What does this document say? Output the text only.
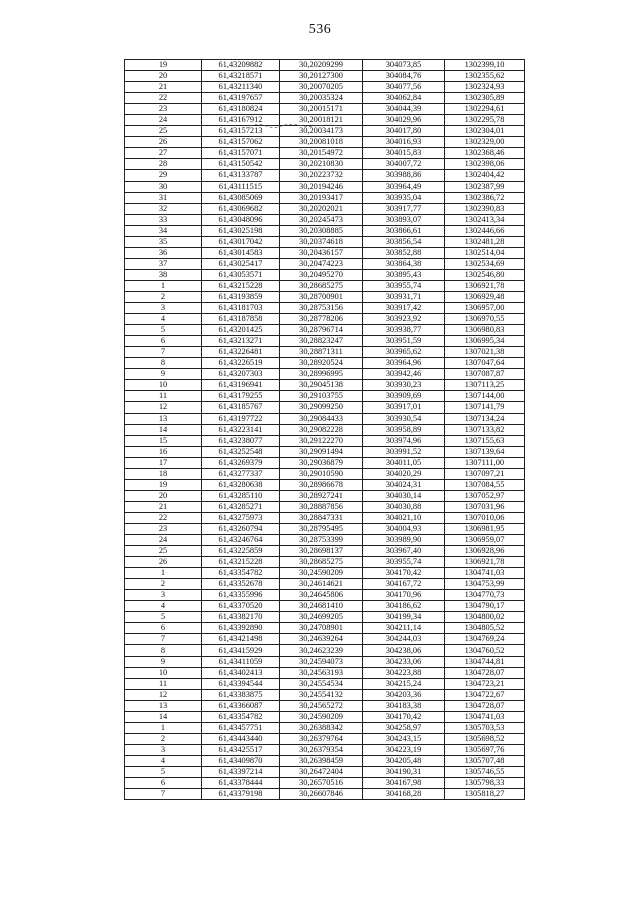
536
19	61,43209882	30,20209299	304073,85	1302399,10
20	61,43218571	30,20127300	304084,76	1302355,62
21	61,43211340	30,20070205	304077,56	1302324,93
22	61,43197657	30,20035324	304062,84	1302305,89
23	61,43180824	30,20015171	304044,39	1302294,61
24	61,43167912	30,20018121	304029,96	1302295,78
25	61,43157213	30,20034173	304017,80	1302304,01
26	61,43157062	30,20081018	304016,93	1302329,00
27	61,43157071	30,20154972	304015,83	1302368,46
28	61,43150542	30,20210830	304007,72	1302398,06
29	61,43133787	30,20223732	303988,86	1302404,42
30	61,43111515	30,20194246	303964,49	1302387,99
31	61,43085069	30,20193417	303935,04	1302386,72
32	61,43069682	30,20202021	303917,77	1302390,83
33	61,43048096	30,20245473	303893,07	1302413,34
34	61,43025198	30,20308885	303866,61	1302446,66
35	61,43017042	30,20374618	303856,54	1302481,28
36	61,43014583	30,20436157	303852,88	1302514,04
37	61,43025417	30,20474223	303864,38	1302534,69
38	61,43053571	30,20495270	303895,43	1302546,80
1	61,43215228	30,28685275	303955,74	1306921,78
2	61,43193859	30,28700901	303931,71	1306929,48
3	61,43181703	30,28753156	303917,42	1306957,00
4	61,43187858	30,28778206	303923,92	1306970,55
5	61,43201425	30,28796714	303938,77	1306980,83
6	61,43213271	30,28823247	303951,59	1306995,34
7	61,43226481	30,28871311	303965,62	1307021,38
8	61,43226519	30,28920524	303964,96	1307047,64
9	61,43207303	30,28996995	303942,46	1307087,87
10	61,43196941	30,29045138	303930,23	1307113,25
11	61,43179255	30,29103755	303909,69	1307144,00
12	61,43185767	30,29099250	303917,01	1307141,79
13	61,43197722	30,29084433	303930,54	1307134,24
14	61,43223141	30,29082228	303958,89	1307133,82
15	61,43238077	30,29122270	303974,96	1307155,63
16	61,43252548	30,29091494	303991,52	1307139,64
17	61,43269379	30,29036879	304011,05	1307111,00
18	61,43277337	30,29010590	304020,29	1307097,21
19	61,43280638	30,28986678	304024,31	1307084,55
20	61,43285110	30,28927241	304030,14	1307052,97
21	61,43285271	30,28887856	304030,88	1307031,96
22	61,43275973	30,28847331	304021,10	1307010,06
23	61,43260794	30,28795495	304004,93	1306981,95
24	61,43246764	30,28753399	303989,90	1306959,07
25	61,43225859	30,28698137	303967,40	1306928,96
26	61,43215228	30,28685275	303955,74	1306921,78
1	61,43354782	30,24590209	304170,42	1304741,03
2	61,43352678	30,24614621	304167,72	1304753,99
3	61,43355996	30,24645806	304170,96	1304770,73
4	61,43370520	30,24681410	304186,62	1304790,17
5	61,43382170	30,24699205	304199,34	1304800,02
6	61,43392890	30,24708901	304211,14	1304805,52
7	61,43421498	30,24639264	304244,03	1304769,24
8	61,43415929	30,24623239	304238,06	1304760,52
9	61,43411059	30,24594073	304233,06	1304744,81
10	61,43402413	30,24563193	304223,88	1304728,07
11	61,43394544	30,24554534	304215,24	1304723,21
12	61,43383875	30,24554132	304203,36	1304722,67
13	61,43366087	30,24565272	304183,38	1304728,07
14	61,43354782	30,24590209	304170,42	1304741,03
1	61,43457751	30,26388342	304258,97	1305703,53
2	61,43443440	30,26379764	304243,15	1305698,52
3	61,43425517	30,26379354	304223,19	1305697,76
4	61,43409870	30,26398459	304205,48	1305707,48
5	61,43397214	30,26472404	304190,31	1305746,55
6	61,43378444	30,26570516	304167,98	1305798,33
7	61,43379198	30,26607846	304168,28	1305818,27
